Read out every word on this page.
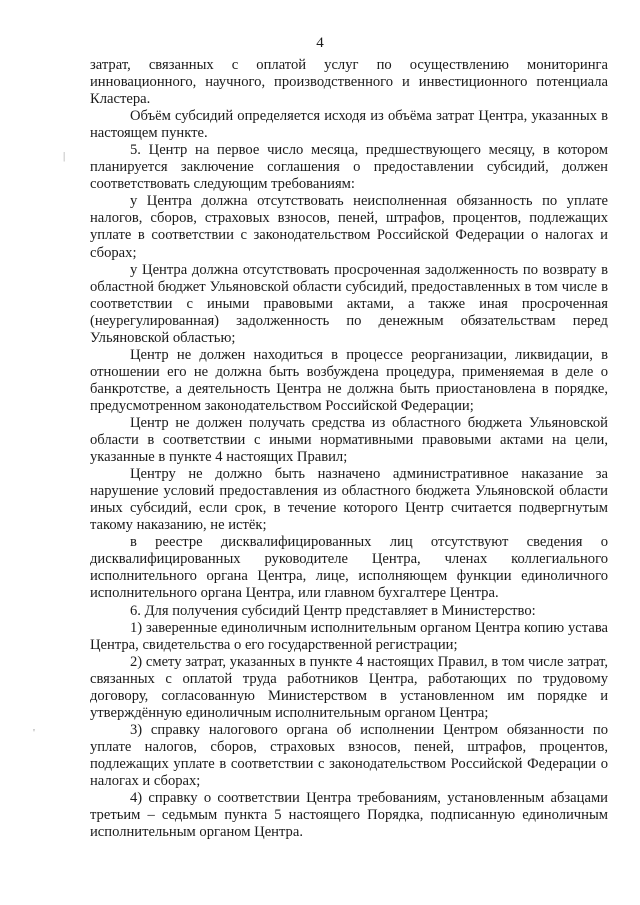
4

затрат, связанных с оплатой услуг по осуществлению мониторинга инновационного, научного, производственного и инвестиционного потенциала Кластера.

Объём субсидий определяется исходя из объёма затрат Центра, указанных в настоящем пункте.

5. Центр на первое число месяца, предшествующего месяцу, в котором планируется заключение соглашения о предоставлении субсидий, должен соответствовать следующим требованиям:

у Центра должна отсутствовать неисполненная обязанность по уплате налогов, сборов, страховых взносов, пеней, штрафов, процентов, подлежащих уплате в соответствии с законодательством Российской Федерации о налогах и сборах;

у Центра должна отсутствовать просроченная задолженность по возврату в областной бюджет Ульяновской области субсидий, предоставленных в том числе в соответствии с иными правовыми актами, а также иная просроченная (неурегулированная) задолженность по денежным обязательствам перед Ульяновской областью;

Центр не должен находиться в процессе реорганизации, ликвидации, в отношении его не должна быть возбуждена процедура, применяемая в деле о банкротстве, а деятельность Центра не должна быть приостановлена в порядке, предусмотренном законодательством Российской Федерации;

Центр не должен получать средства из областного бюджета Ульяновской области в соответствии с иными нормативными правовыми актами на цели, указанные в пункте 4 настоящих Правил;

Центру не должно быть назначено административное наказание за нарушение условий предоставления из областного бюджета Ульяновской области иных субсидий, если срок, в течение которого Центр считается подвергнутым такому наказанию, не истёк;

в реестре дисквалифицированных лиц отсутствуют сведения о дисквалифицированных руководителе Центра, членах коллегиального исполнительного органа Центра, лице, исполняющем функции единоличного исполнительного органа Центра, или главном бухгалтере Центра.

6. Для получения субсидий Центр представляет в Министерство:

1) заверенные единоличным исполнительным органом Центра копию устава Центра, свидетельства о его государственной регистрации;

2) смету затрат, указанных в пункте 4 настоящих Правил, в том числе затрат, связанных с оплатой труда работников Центра, работающих по трудовому договору, согласованную Министерством в установленном им порядке и утверждённую единоличным исполнительным органом Центра;

3) справку налогового органа об исполнении Центром обязанности по уплате налогов, сборов, страховых взносов, пеней, штрафов, процентов, подлежащих уплате в соответствии с законодательством Российской Федерации о налогах и сборах;

4) справку о соответствии Центра требованиям, установленным абзацами третьим – седьмым пункта 5 настоящего Порядка, подписанную единоличным исполнительным органом Центра.

|
'
